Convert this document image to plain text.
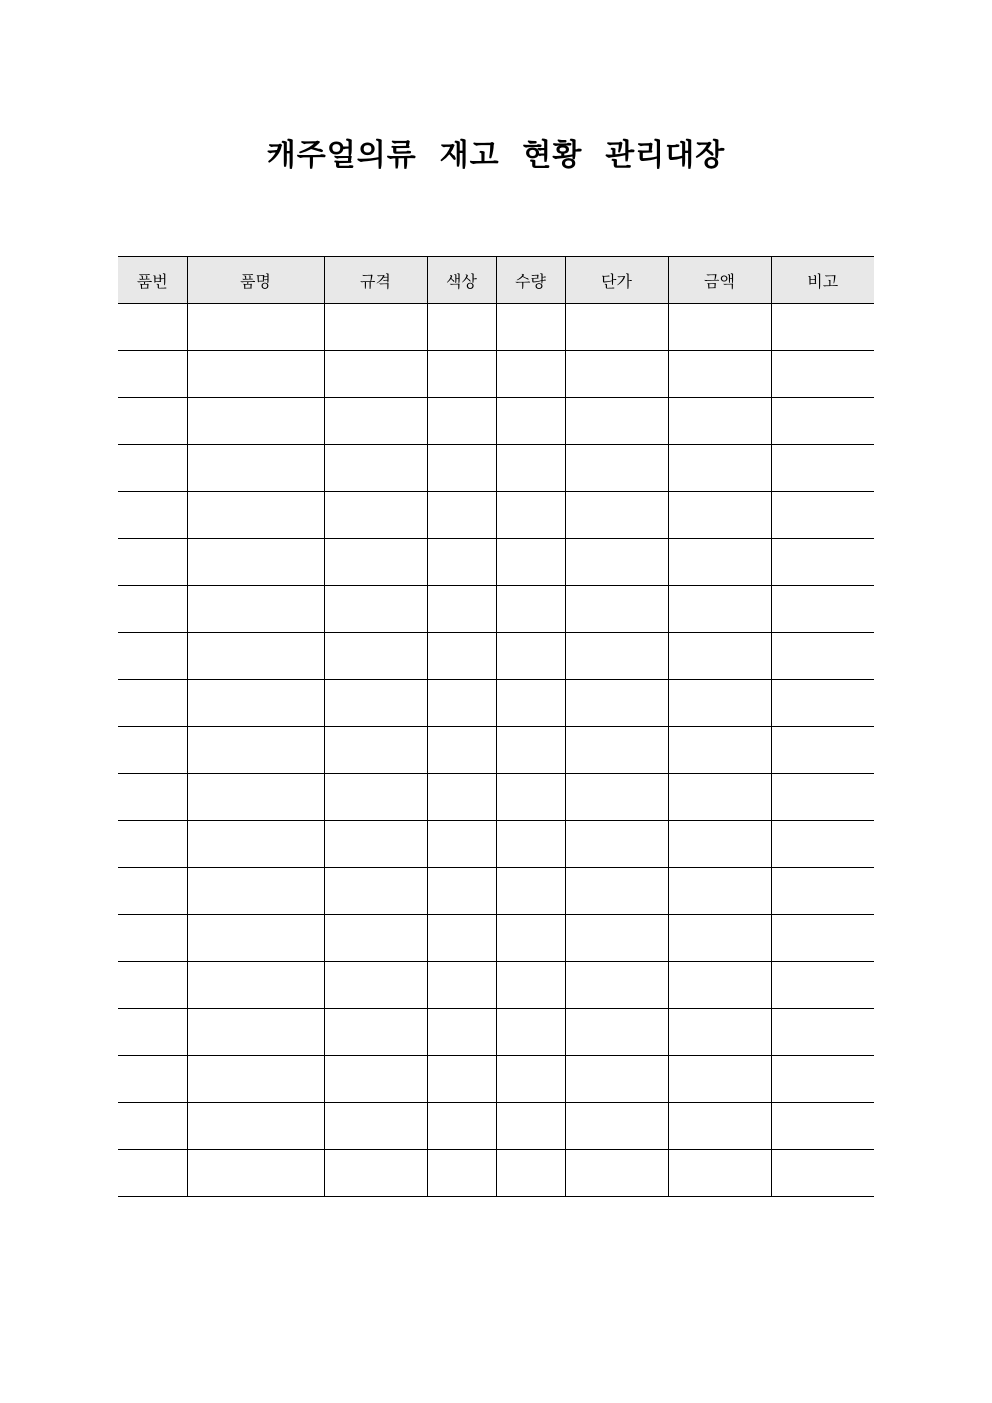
캐주얼의류  재고  현황  관리대장
품번	품명	규격	색상	수량	단가	금액	비고
